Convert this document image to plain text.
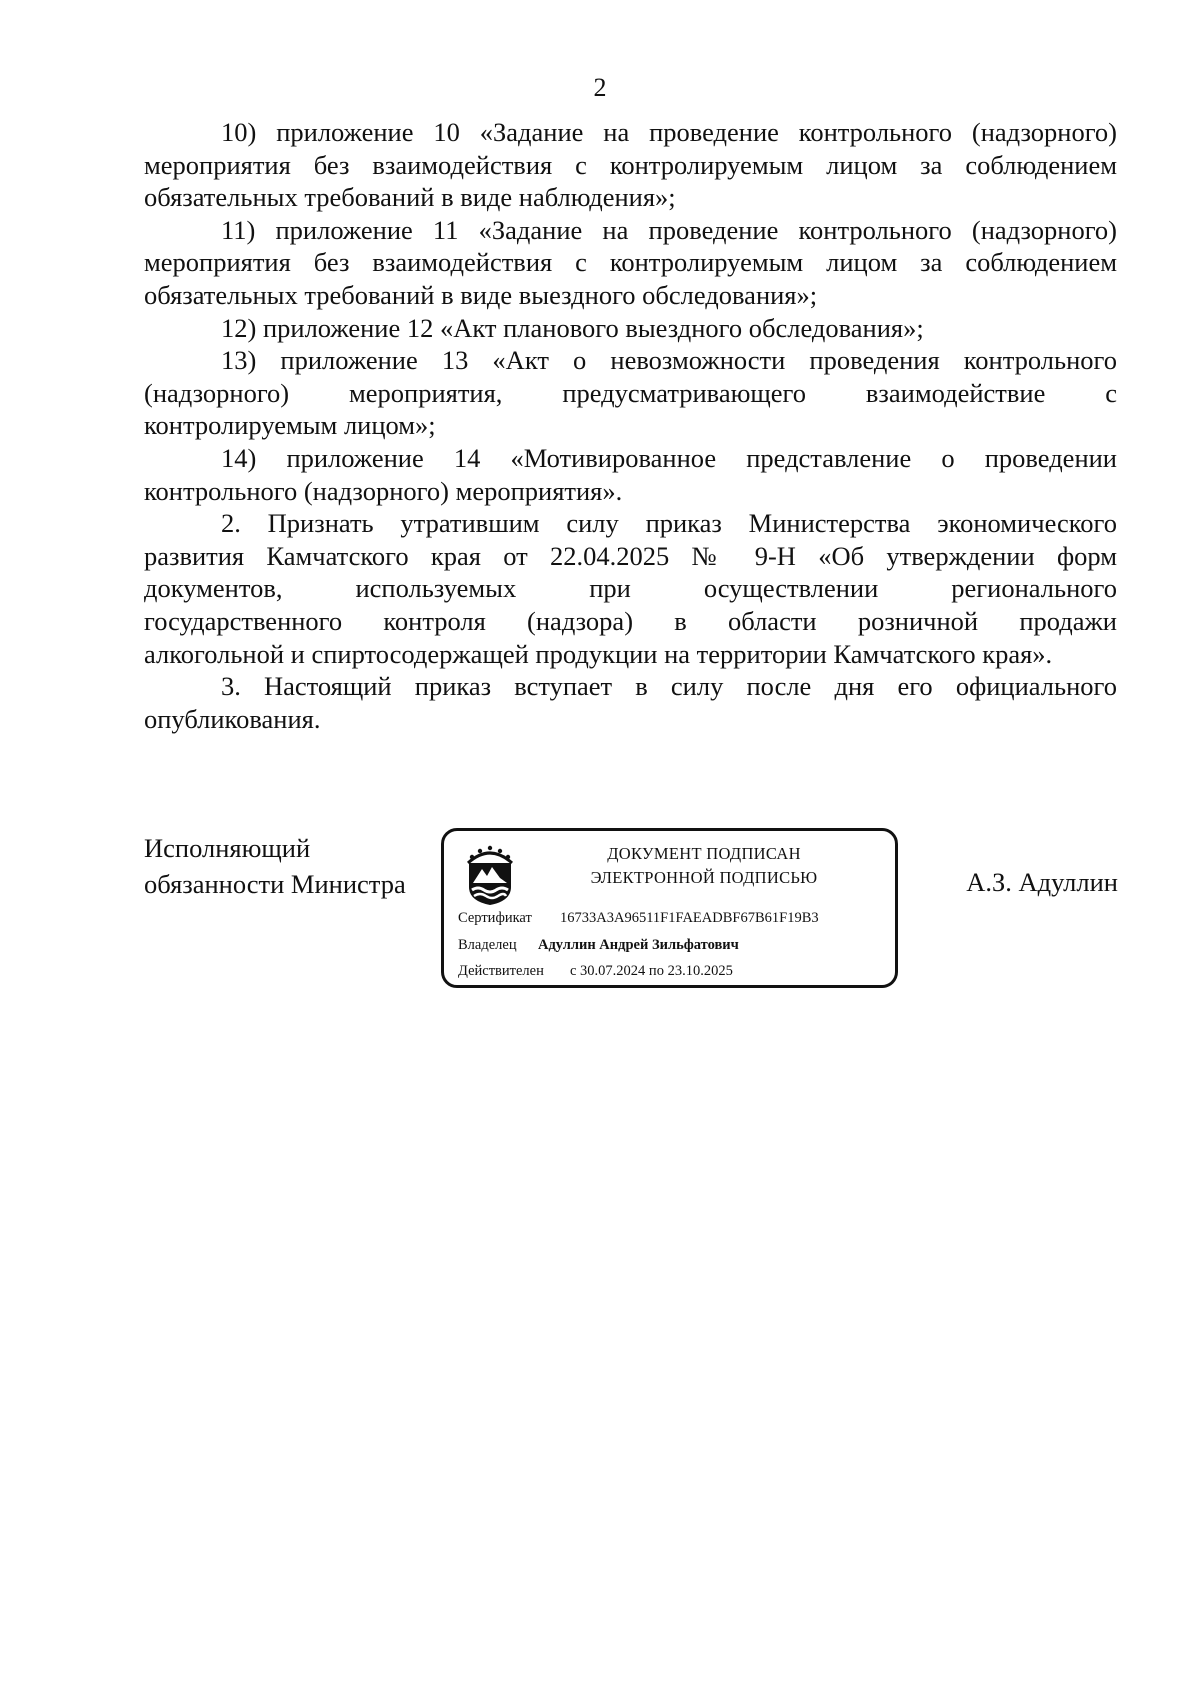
2
10) приложение 10 «Задание на проведение контрольного (надзорного)
мероприятия без взаимодействия с контролируемым лицом за соблюдением
обязательных требований в виде наблюдения»;
11) приложение 11 «Задание на проведение контрольного (надзорного)
мероприятия без взаимодействия с контролируемым лицом за соблюдением
обязательных требований в виде выездного обследования»;
12) приложение 12 «Акт планового выездного обследования»;
13) приложение 13 «Акт о невозможности проведения контрольного
(надзорного) мероприятия, предусматривающего взаимодействие с
контролируемым лицом»;
14) приложение 14 «Мотивированное представление о проведении
контрольного (надзорного) мероприятия».
2. Признать утратившим силу приказ Министерства экономического
развития Камчатского края от 22.04.2025 № 9-Н «Об утверждении форм
документов, используемых при осуществлении регионального
государственного контроля (надзора) в области розничной продажи
алкогольной и спиртосодержащей продукции на территории Камчатского края».
3. Настоящий приказ вступает в силу после дня его официального
опубликования.
Исполняющий
обязанности Министра
ДОКУМЕНТ ПОДПИСАН
ЭЛЕКТРОННОЙ ПОДПИСЬЮ
Сертификат 16733A3A96511F1FAEADBF67B61F19B3
Владелец Адуллин Андрей Зильфатович
Действителен с 30.07.2024 по 23.10.2025
А.З. Адуллин
